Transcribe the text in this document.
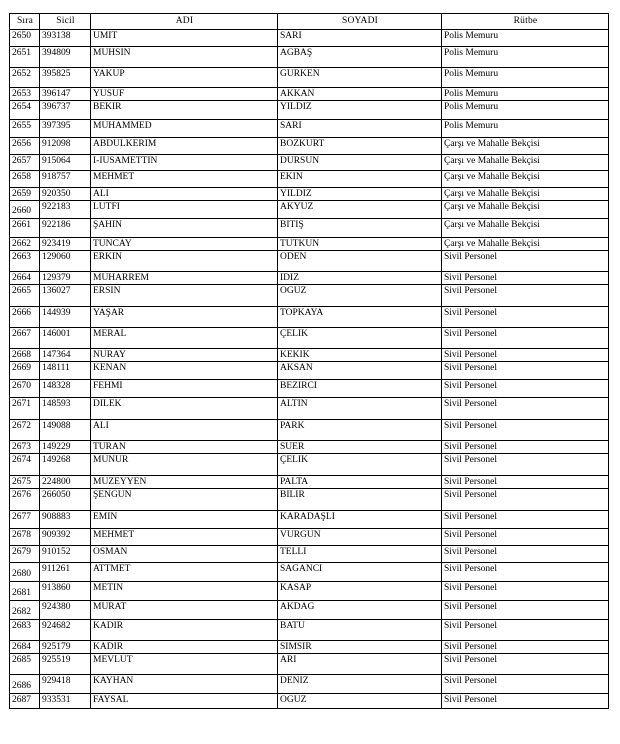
Sıra	Sicil	ADI	SOYADI	Rütbe
2650	393138	UMIT	SARI	Polis Memuru
2651	394809	MUHSIN	AGBAŞ	Polis Memuru
2652	395825	YAKUP	GURKEN	Polis Memuru
2653	396147	YUSUF	AKKAN	Polis Memuru
2654	396737	BEKIR	YILDIZ	Polis Memuru
2655	397395	MUHAMMED	SARI	Polis Memuru
2656	912098	ABDULKERIM	BOZKURT	Çarşı ve Mahalle Bekçisi
2657	915064	I-IUSAMETTIN	DURSUN	Çarşı ve Mahalle Bekçisi
2658	918757	MEHMET	EKIN	Çarşı ve Mahalle Bekçisi
2659	920350	ALI	YILDIZ	Çarşı ve Mahalle Bekçisi
2660	922183	LUTFI	AKYUZ	Çarşı ve Mahalle Bekçisi
2661	922186	ŞAHIN	BITIŞ	Çarşı ve Mahalle Bekçisi
2662	923419	TUNCAY	TUTKUN	Çarşı ve Mahalle Bekçisi
2663	129060	ERKIN	ODEN	Sivil Personel
2664	129379	MUHARREM	IDIZ	Sivil Personel
2665	136027	ERSIN	OGUZ	Sivil Personel
2666	144939	YAŞAR	TOPKAYA	Sivil Personel
2667	146001	MERAL	ÇELIK	Sivil Personel
2668	147364	NURAY	KEKIK	Sivil Personel
2669	148111	KENAN	AKSAN	Sivil Personel
2670	148328	FEHMI	BEZIRCI	Sivil Personel
2671	148593	DILEK	ALTIN	Sivil Personel
2672	149088	ALI	PARK	Sivil Personel
2673	149229	TURAN	SUER	Sivil Personel
2674	149268	MUNUR	ÇELIK	Sivil Personel
2675	224800	MUZEYYEN	PALTA	Sivil Personel
2676	266050	ŞENGUN	BILIR	Sivil Personel
2677	908883	EMIN	KARADAŞLI	Sivil Personel
2678	909392	MEHMET	VURGUN	Sivil Personel
2679	910152	OSMAN	TELLI	Sivil Personel
2680	911261	ATTMET	SAGANCI	Sivil Personel
2681	913860	METIN	KASAP	Sivil Personel
2682	924380	MURAT	AKDAG	Sivil Personel
2683	924682	KADIR	BATU	Sivil Personel
2684	925179	KADIR	SIMSIR	Sivil Personel
2685	925519	MEVLUT	ARI	Sivil Personel
2686	929418	KAYHAN	DENIZ	Sivil Personel
2687	933531	FAYSAL	OGUZ	Sivil Personel
